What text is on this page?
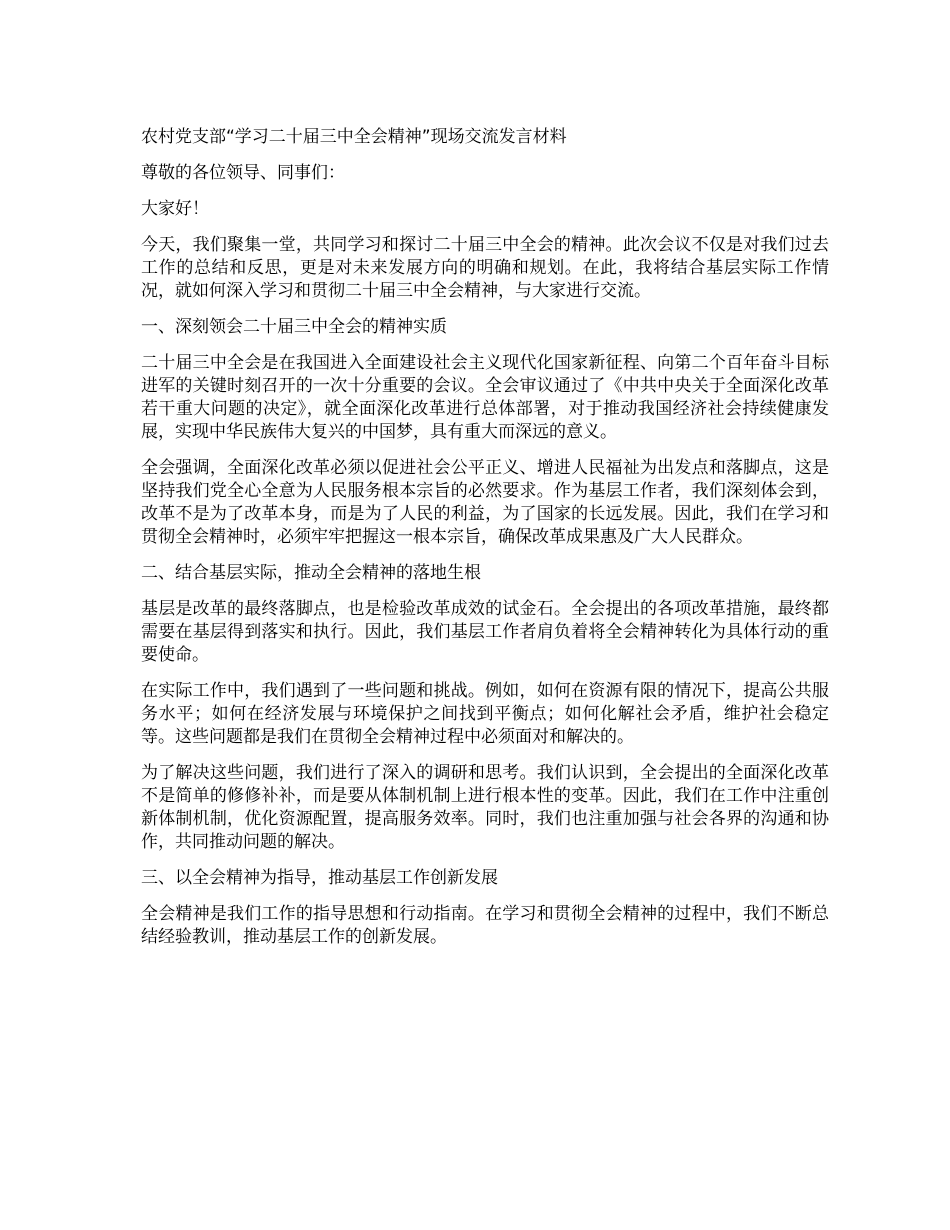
农村党支部“学习二十届三中全会精神”现场交流发言材料

尊敬的各位领导、同事们：

大家好！

今天，我们聚集一堂，共同学习和探讨二十届三中全会的精神。此次会议不仅是对我们过去工作的总结和反思，更是对未来发展方向的明确和规划。在此，我将结合基层实际工作情况，就如何深入学习和贯彻二十届三中全会精神，与大家进行交流。

一、深刻领会二十届三中全会的精神实质

二十届三中全会是在我国进入全面建设社会主义现代化国家新征程、向第二个百年奋斗目标进军的关键时刻召开的一次十分重要的会议。全会审议通过了《中共中央关于全面深化改革若干重大问题的决定》，就全面深化改革进行总体部署，对于推动我国经济社会持续健康发展，实现中华民族伟大复兴的中国梦，具有重大而深远的意义。

全会强调，全面深化改革必须以促进社会公平正义、增进人民福祉为出发点和落脚点，这是坚持我们党全心全意为人民服务根本宗旨的必然要求。作为基层工作者，我们深刻体会到，改革不是为了改革本身，而是为了人民的利益，为了国家的长远发展。因此，我们在学习和贯彻全会精神时，必须牢牢把握这一根本宗旨，确保改革成果惠及广大人民群众。

二、结合基层实际，推动全会精神的落地生根

基层是改革的最终落脚点，也是检验改革成效的试金石。全会提出的各项改革措施，最终都需要在基层得到落实和执行。因此，我们基层工作者肩负着将全会精神转化为具体行动的重要使命。

在实际工作中，我们遇到了一些问题和挑战。例如，如何在资源有限的情况下，提高公共服务水平；如何在经济发展与环境保护之间找到平衡点；如何化解社会矛盾，维护社会稳定等。这些问题都是我们在贯彻全会精神过程中必须面对和解决的。

为了解决这些问题，我们进行了深入的调研和思考。我们认识到，全会提出的全面深化改革不是简单的修修补补，而是要从体制机制上进行根本性的变革。因此，我们在工作中注重创新体制机制，优化资源配置，提高服务效率。同时，我们也注重加强与社会各界的沟通和协作，共同推动问题的解决。

三、以全会精神为指导，推动基层工作创新发展

全会精神是我们工作的指导思想和行动指南。在学习和贯彻全会精神的过程中，我们不断总结经验教训，推动基层工作的创新发展。
